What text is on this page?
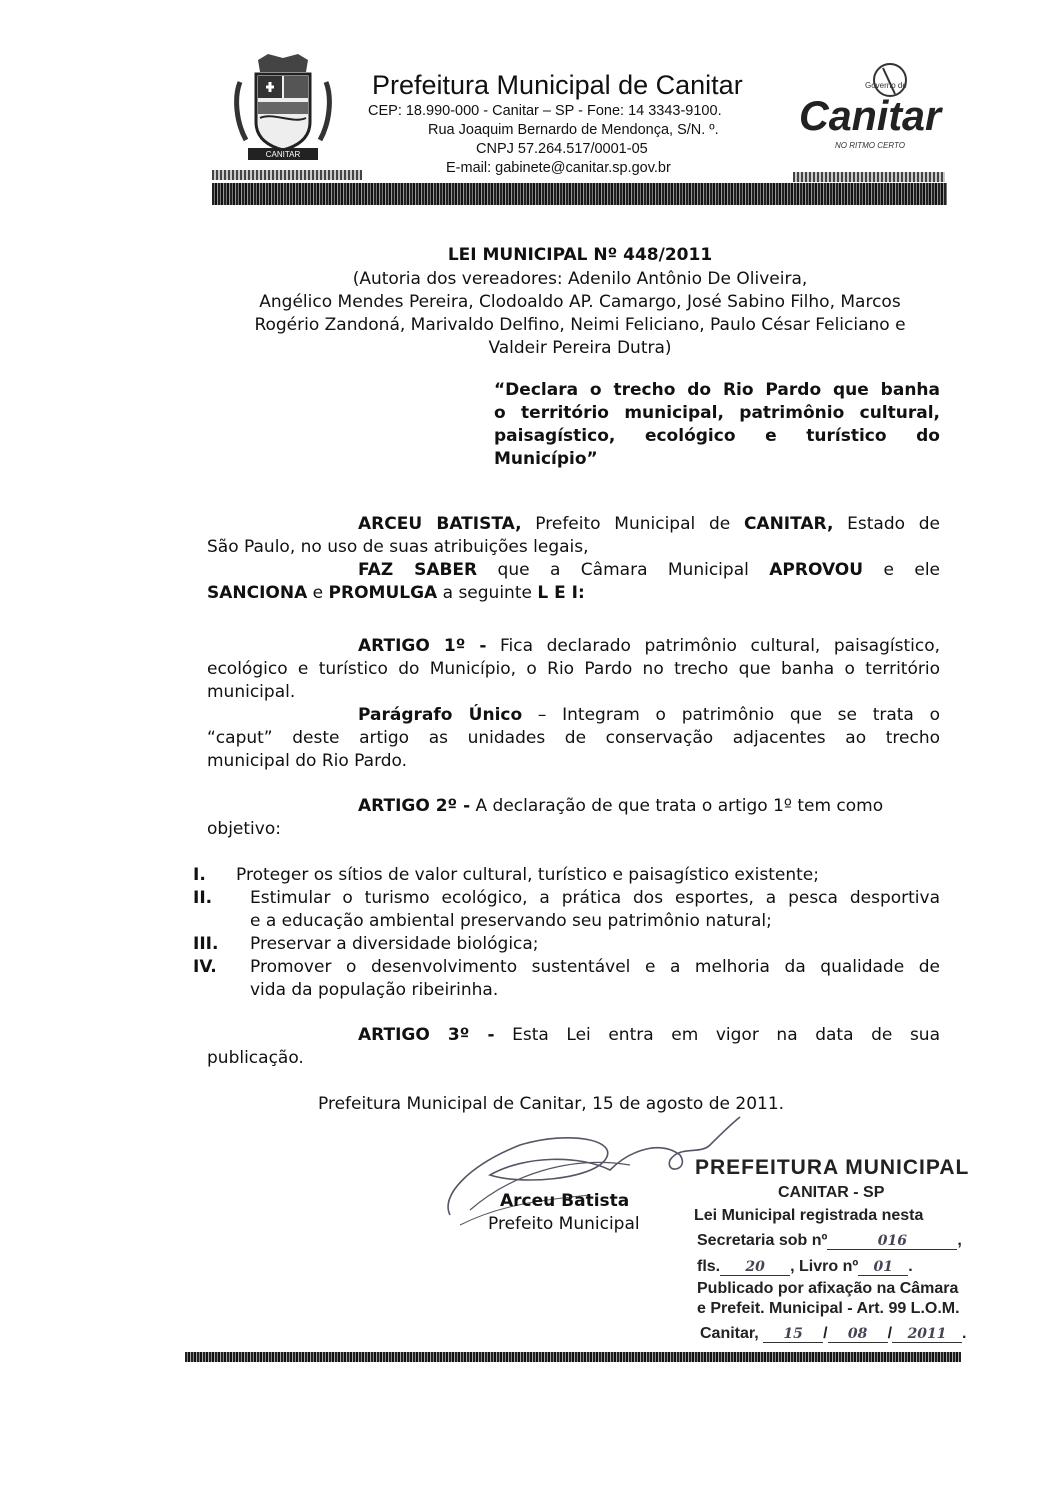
CANITAR
Prefeitura Municipal de Canitar
CEP: 18.990-000 - Canitar – SP - Fone: 14 3343-9100.
Rua Joaquim Bernardo de Mendonça, S/N. º.
CNPJ 57.264.517/0001-05
E-mail: gabinete@canitar.sp.gov.br
Governo de
Canitar
NO RITMO CERTO
LEI MUNICIPAL Nº 448/2011
(Autoria dos vereadores: Adenilo Antônio De Oliveira,
Angélico Mendes Pereira, Clodoaldo AP. Camargo, José Sabino Filho, Marcos
Rogério Zandoná, Marivaldo Delfino, Neimi Feliciano, Paulo César Feliciano e
Valdeir Pereira Dutra)
“Declara o trecho do Rio Pardo que banha
o território municipal, patrimônio cultural,
paisagístico, ecológico e turístico do
Município”
ARCEU BATISTA, Prefeito Municipal de CANITAR, Estado de
São Paulo, no uso de suas atribuições legais,
FAZ SABER que a Câmara Municipal APROVOU e ele
SANCIONA e PROMULGA a seguinte L E I:
ARTIGO 1º - Fica declarado patrimônio cultural, paisagístico,
ecológico e turístico do Município, o Rio Pardo no trecho que banha o território
municipal.
Parágrafo Único – Integram o patrimônio que se trata o
“caput” deste artigo as unidades de conservação adjacentes ao trecho
municipal do Rio Pardo.
ARTIGO 2º - A declaração de que trata o artigo 1º tem como
objetivo:
I. Proteger os sítios de valor cultural, turístico e paisagístico existente;
II. Estimular o turismo ecológico, a prática dos esportes, a pesca desportiva
e a educação ambiental preservando seu patrimônio natural;
III. Preservar a diversidade biológica;
IV. Promover o desenvolvimento sustentável e a melhoria da qualidade de
vida da população ribeirinha.
ARTIGO 3º - Esta Lei entra em vigor na data de sua
publicação.
Prefeitura Municipal de Canitar, 15 de agosto de 2011.
Arceu Batista
Prefeito Municipal
PREFEITURA MUNICIPAL
CANITAR - SP
Lei Municipal registrada nesta
Secretaria sob nº	016	,
fls. 20 , Livro nº 01 .
Publicado por afixação na Câmara
e Prefeit. Municipal - Art. 99 L.O.M.
Canitar, 15 / 08 / 2011 .
